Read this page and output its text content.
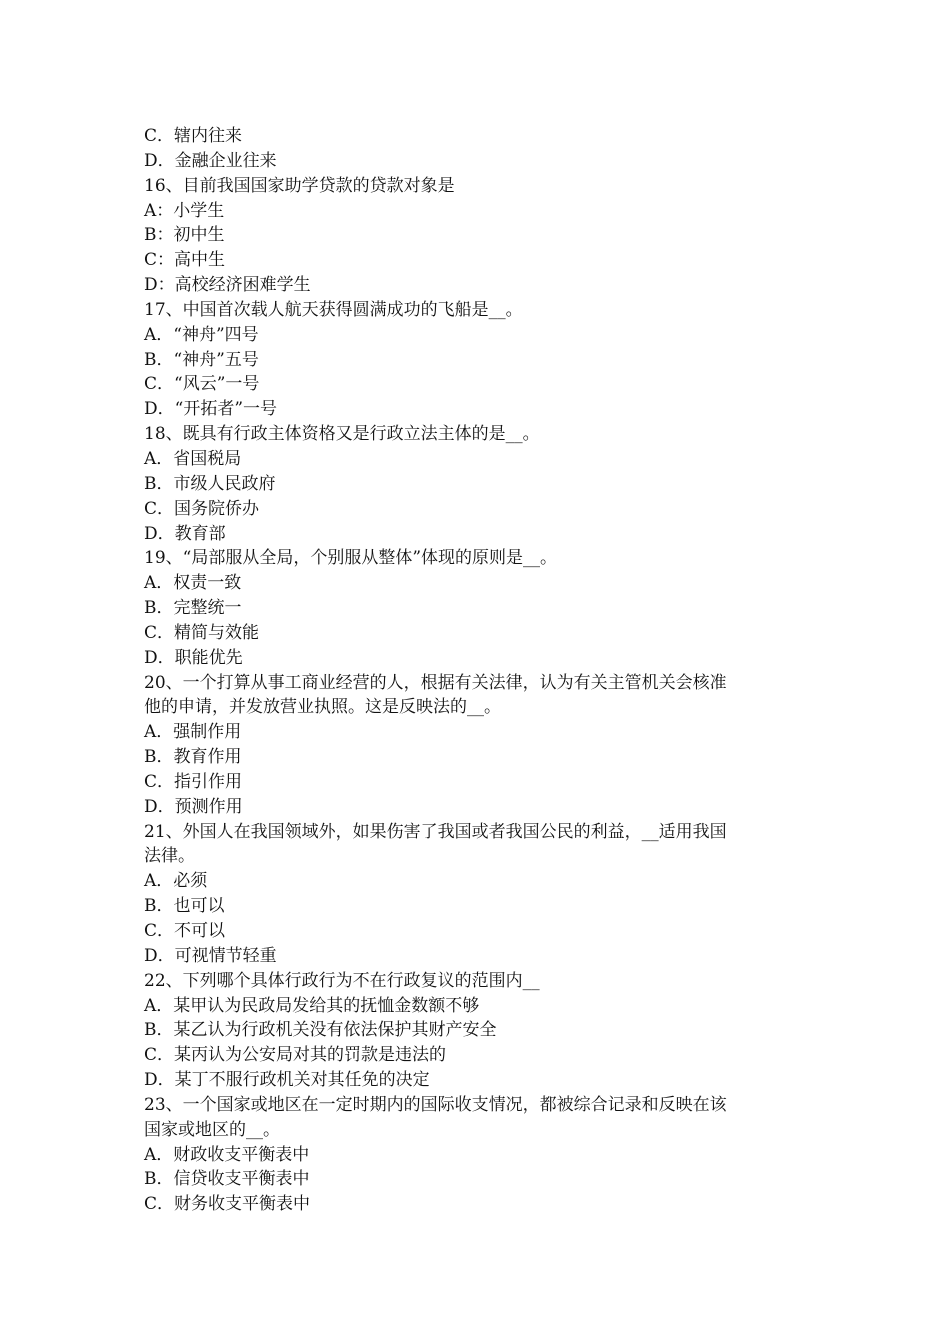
C．辖内往来

D．金融企业往来

16、目前我国国家助学贷款的贷款对象是

A：小学生

B：初中生

C：高中生

D：高校经济困难学生

17、中国首次载人航天获得圆满成功的飞船是__。

A．“神舟”四号

B．“神舟”五号

C．“风云”一号

D．“开拓者”一号

18、既具有行政主体资格又是行政立法主体的是__。

A．省国税局

B．市级人民政府

C．国务院侨办

D．教育部

19、“局部服从全局，个别服从整体”体现的原则是__。

A．权责一致

B．完整统一

C．精简与效能

D．职能优先

20、一个打算从事工商业经营的人，根据有关法律，认为有关主管机关会核准

他的申请，并发放营业执照。这是反映法的__。

A．强制作用

B．教育作用

C．指引作用

D．预测作用

21、外国人在我国领域外，如果伤害了我国或者我国公民的利益，__适用我国

法律。

A．必须

B．也可以

C．不可以

D．可视情节轻重

22、下列哪个具体行政行为不在行政复议的范围内__

A．某甲认为民政局发给其的抚恤金数额不够

B．某乙认为行政机关没有依法保护其财产安全

C．某丙认为公安局对其的罚款是违法的

D．某丁不服行政机关对其任免的决定

23、一个国家或地区在一定时期内的国际收支情况，都被综合记录和反映在该

国家或地区的__。

A．财政收支平衡表中

B．信贷收支平衡表中

C．财务收支平衡表中
